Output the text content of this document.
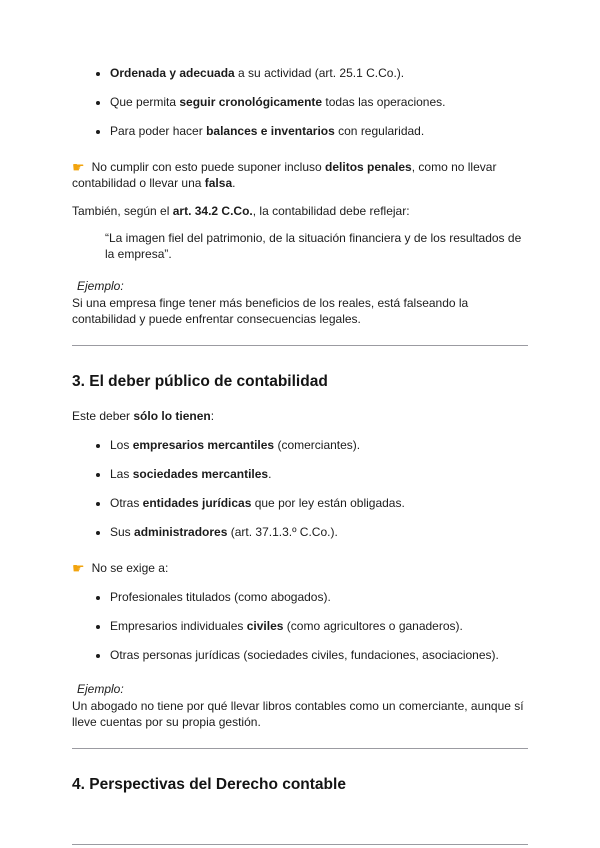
• Ordenada y adecuada a su actividad (art. 25.1 C.Co.).
• Que permita seguir cronológicamente todas las operaciones.
• Para poder hacer balances e inventarios con regularidad.

☛ No cumplir con esto puede suponer incluso delitos penales, como no llevar contabilidad o llevar una falsa.

También, según el art. 34.2 C.Co., la contabilidad debe reflejar:

“La imagen fiel del patrimonio, de la situación financiera y de los resultados de la empresa”.

Ejemplo:

Si una empresa finge tener más beneficios de los reales, está falseando la contabilidad y puede enfrentar consecuencias legales.

3. El deber público de contabilidad

Este deber sólo lo tienen:

• Los empresarios mercantiles (comerciantes).
• Las sociedades mercantiles.
• Otras entidades jurídicas que por ley están obligadas.
• Sus administradores (art. 37.1.3.º C.Co.).

☛ No se exige a:

• Profesionales titulados (como abogados).
• Empresarios individuales civiles (como agricultores o ganaderos).
• Otras personas jurídicas (sociedades civiles, fundaciones, asociaciones).

Ejemplo:

Un abogado no tiene por qué llevar libros contables como un comerciante, aunque sí lleve cuentas por su propia gestión.

4. Perspectivas del Derecho contable
